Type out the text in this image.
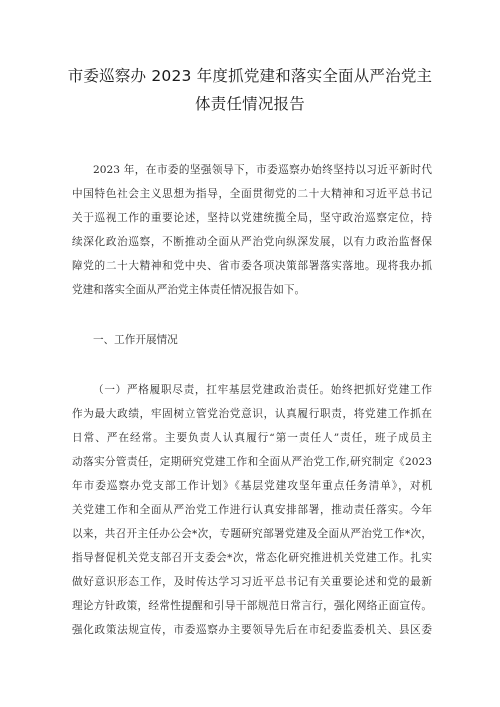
市委巡察办 2023 年度抓党建和落实全面从严治党主
体责任情况报告
2023 年，在市委的坚强领导下，市委巡察办始终坚持以习近平新时代
中国特色社会主义思想为指导，全面贯彻党的二十大精神和习近平总书记
关于巡视工作的重要论述，坚持以党建统揽全局，坚守政治巡察定位，持
续深化政治巡察，不断推动全面从严治党向纵深发展，以有力政治监督保
障党的二十大精神和党中央、省市委各项决策部署落实落地。现将我办抓
党建和落实全面从严治党主体责任情况报告如下。
一、工作开展情况
（一）严格履职尽责，扛牢基层党建政治责任。始终把抓好党建工作
作为最大政绩，牢固树立管党治党意识，认真履行职责，将党建工作抓在
日常、严在经常。主要负责人认真履行“第一责任人”责任，班子成员主
动落实分管责任，定期研究党建工作和全面从严治党工作,研究制定《2023
年市委巡察办党支部工作计划》《基层党建攻坚年重点任务清单》，对机
关党建工作和全面从严治党工作进行认真安排部署，推动责任落实。今年
以来，共召开主任办公会*次，专题研究部署党建及全面从严治党工作*次，
指导督促机关党支部召开支委会*次，常态化研究推进机关党建工作。扎实
做好意识形态工作，及时传达学习习近平总书记有关重要论述和党的最新
理论方针政策，经常性提醒和引导干部规范日常言行，强化网络正面宣传。
强化政策法规宣传，市委巡察办主要领导先后在市纪委监委机关、县区委
